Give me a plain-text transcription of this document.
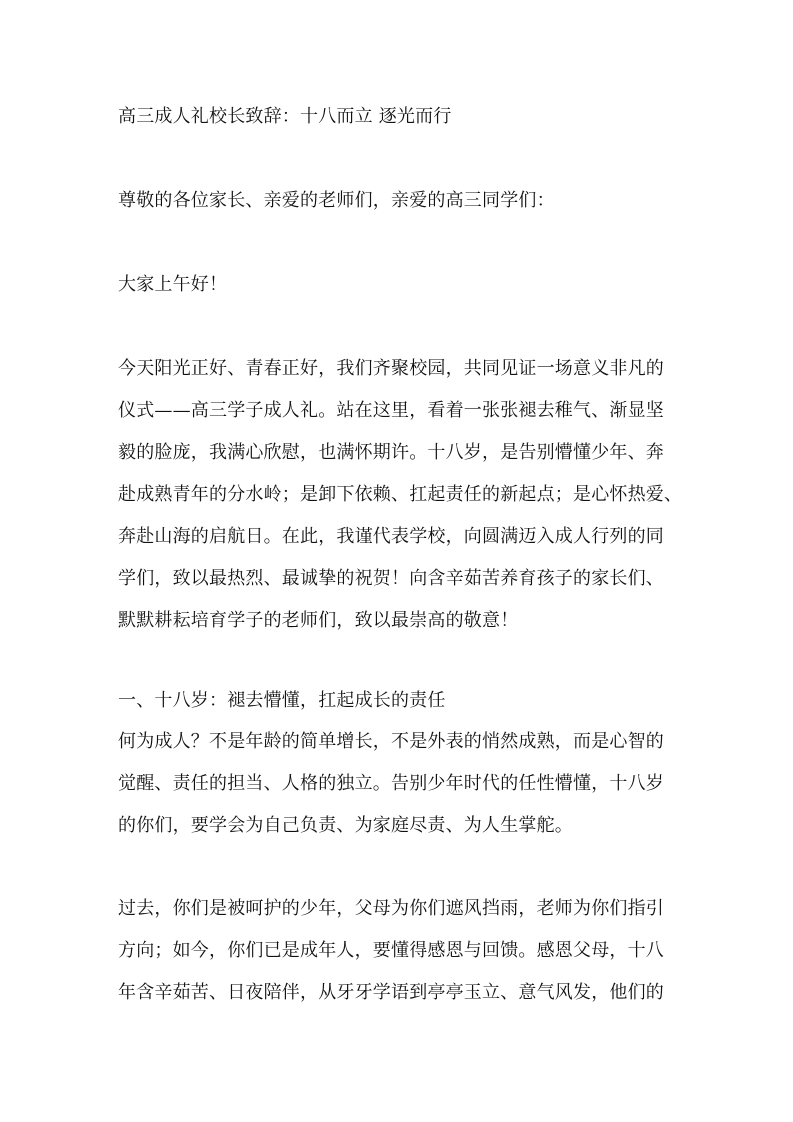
高三成人礼校长致辞：十八而立 逐光而行
尊敬的各位家长、亲爱的老师们，亲爱的高三同学们：
大家上午好！
今天阳光正好、青春正好，我们齐聚校园，共同见证一场意义非凡的
仪式——高三学子成人礼。站在这里，看着一张张褪去稚气、渐显坚
毅的脸庞，我满心欣慰，也满怀期许。十八岁，是告别懵懂少年、奔
赴成熟青年的分水岭；是卸下依赖、扛起责任的新起点；是心怀热爱、
奔赴山海的启航日。在此，我谨代表学校，向圆满迈入成人行列的同
学们，致以最热烈、最诚挚的祝贺！向含辛茹苦养育孩子的家长们、
默默耕耘培育学子的老师们，致以最崇高的敬意！
一、十八岁：褪去懵懂，扛起成长的责任
何为成人？不是年龄的简单增长，不是外表的悄然成熟，而是心智的
觉醒、责任的担当、人格的独立。告别少年时代的任性懵懂，十八岁
的你们，要学会为自己负责、为家庭尽责、为人生掌舵。
过去，你们是被呵护的少年，父母为你们遮风挡雨，老师为你们指引
方向；如今，你们已是成年人，要懂得感恩与回馈。感恩父母，十八
年含辛茹苦、日夜陪伴，从牙牙学语到亭亭玉立、意气风发，他们的
